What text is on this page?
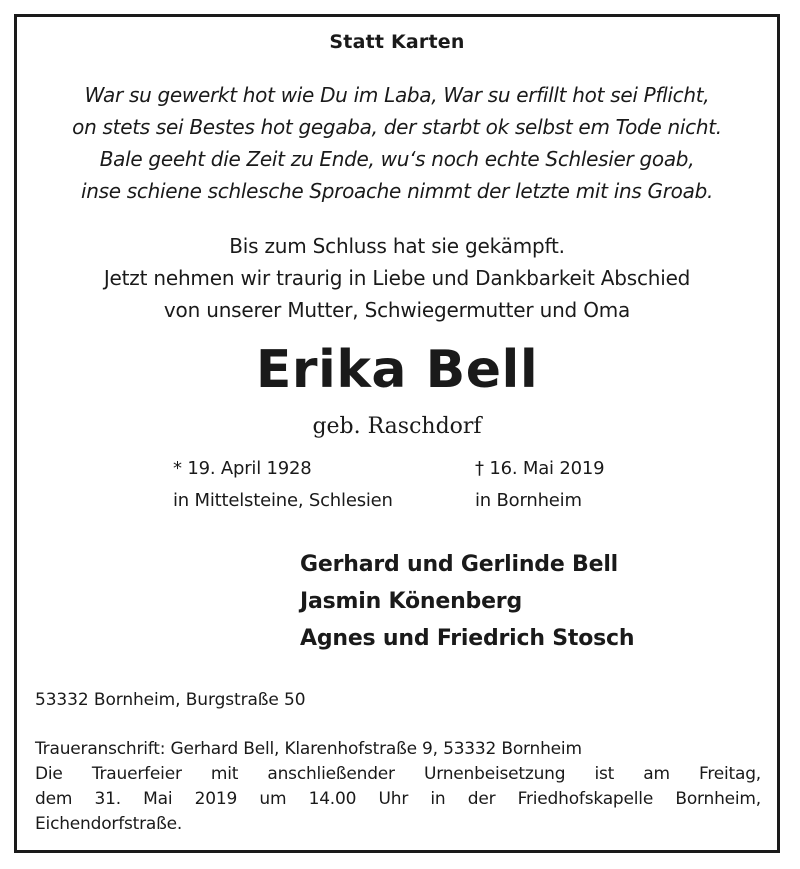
Statt Karten
War su gewerkt hot wie Du im Laba, War su erfillt hot sei Pflicht,
on stets sei Bestes hot gegaba, der starbt ok selbst em Tode nicht.
Bale geeht die Zeit zu Ende, wu‘s noch echte Schlesier goab,
inse schiene schlesche Sproache nimmt der letzte mit ins Groab.
Bis zum Schluss hat sie gekämpft.
Jetzt nehmen wir traurig in Liebe und Dankbarkeit Abschied
von unserer Mutter, Schwiegermutter und Oma
Erika Bell
geb. Raschdorf
* 19. April 1928
in Mittelsteine, Schlesien
† 16. Mai 2019
in Bornheim
Gerhard und Gerlinde Bell
Jasmin Könenberg
Agnes und Friedrich Stosch
53332 Bornheim, Burgstraße 50
Traueranschrift: Gerhard Bell, Klarenhofstraße 9, 53332 Bornheim
Die Trauerfeier mit anschließender Urnenbeisetzung ist am Freitag,
dem 31. Mai 2019 um 14.00 Uhr in der Friedhofskapelle Bornheim,
Eichendorfstraße.
